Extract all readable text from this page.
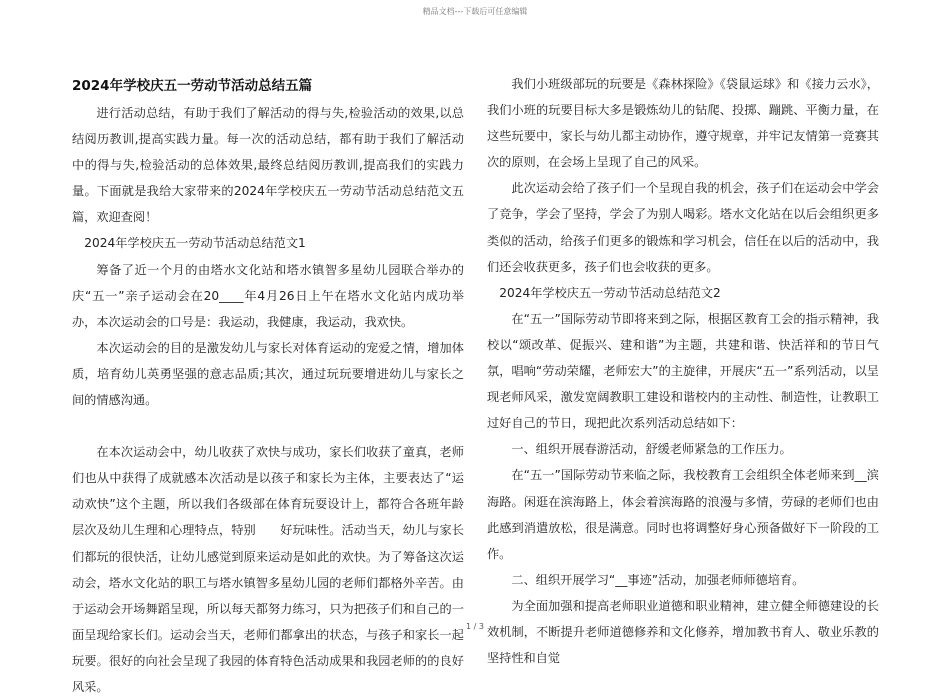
精品文档---下载后可任意编辑
2024年学校庆五一劳动节活动总结五篇

进行活动总结，有助于我们了解活动的得与失,检验活动的效果,以总结阅历教训,提高实践力量。每一次的活动总结，都有助于我们了解活动中的得与失,检验活动的总体效果,最终总结阅历教训,提高我们的实践力量。下面就是我给大家带来的2024年学校庆五一劳动节活动总结范文五篇，欢迎查阅！

2024年学校庆五一劳动节活动总结范文1

筹备了近一个月的由塔水文化站和塔水镇智多星幼儿园联合举办的庆“五一”亲子运动会在20____年4月26日上午在塔水文化站内成功举办，本次运动会的口号是：我运动，我健康，我运动，我欢快。

本次运动会的目的是激发幼儿与家长对体育运动的宠爱之情，增加体质，培育幼儿英勇坚强的意志品质;其次，通过玩玩要增进幼儿与家长之间的情感沟通。

在本次运动会中，幼儿收获了欢快与成功，家长们收获了童真，老师们也从中获得了成就感本次活动是以孩子和家长为主体，主要表达了“运动欢快”这个主题，所以我们各级部在体育玩耍设计上，都符合各班年龄层次及幼儿生理和心理特点，特别　　好玩味性。活动当天，幼儿与家长们都玩的很快活，让幼儿感觉到原来运动是如此的欢快。为了筹备这次运动会，塔水文化站的职工与塔水镇智多星幼儿园的老师们都格外辛苦。由于运动会开场舞蹈呈现，所以每天都努力练习，只为把孩子们和自己的一面呈现给家长们。运动会当天，老师们都拿出的状态，与孩子和家长一起玩要。很好的向社会呈现了我园的体育特色活动成果和我园老师的的良好风采。

我们小班级部玩的玩要是《森林探险》《袋鼠运球》和《接力云水》，我们小班的玩要目标大多是锻炼幼儿的钻爬、投掷、蹦跳、平衡力量，在这些玩要中，家长与幼儿都主动协作，遵守规章，并牢记友情第一竞赛其次的原则，在会场上呈现了自己的风采。

此次运动会给了孩子们一个呈现自我的机会，孩子们在运动会中学会了竞争，学会了坚持，学会了为别人喝彩。塔水文化站在以后会组织更多类似的活动，给孩子们更多的锻炼和学习机会，信任在以后的活动中，我们还会收获更多，孩子们也会收获的更多。

2024年学校庆五一劳动节活动总结范文2

在“五一”国际劳动节即将来到之际，根据区教育工会的指示精神，我校以“颂改革、促振兴、建和谐”为主题，共建和谐、快活祥和的节日气氛，唱响“劳动荣耀，老师宏大”的主旋律，开展庆“五一”系列活动，以呈现老师风采，激发宽阔教职工建设和谐校内的主动性、制造性，让教职工过好自己的节日，现把此次系列活动总结如下：

一、组织开展春游活动，舒缓老师紧急的工作压力。

在“五一”国际劳动节来临之际，我校教育工会组织全体老师来到__滨海路。闲逛在滨海路上，体会着滨海路的浪漫与多情，劳碌的老师们也由此感到消遣放松，很是满意。同时也将调整好身心预备做好下一阶段的工作。

二、组织开展学习“__事迹”活动，加强老师师德培育。

为全面加强和提高老师职业道德和职业精神，建立健全师德建设的长效机制，不断提升老师道德修养和文化修养，增加教书育人、敬业乐教的坚持性和自觉

1 / 3
